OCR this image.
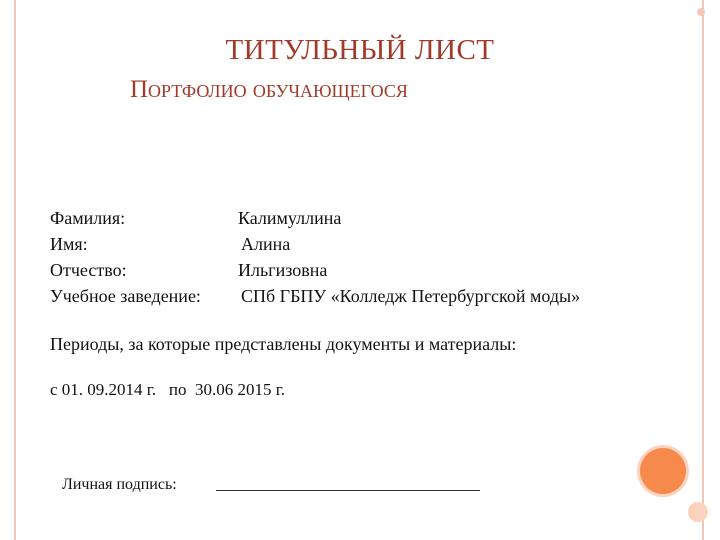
ТИТУЛЬНЫЙ ЛИСТ
Портфолио обучающегося
Фамилия:	Калимуллина
Имя:	Алина
Отчество:	Ильгизовна
Учебное заведение: СПб ГБПУ «Колледж Петербургской моды»
Периоды, за которые представлены документы и материалы:
с 01. 09.2014 г.   по  30.06 2015 г.
Личная подпись:
